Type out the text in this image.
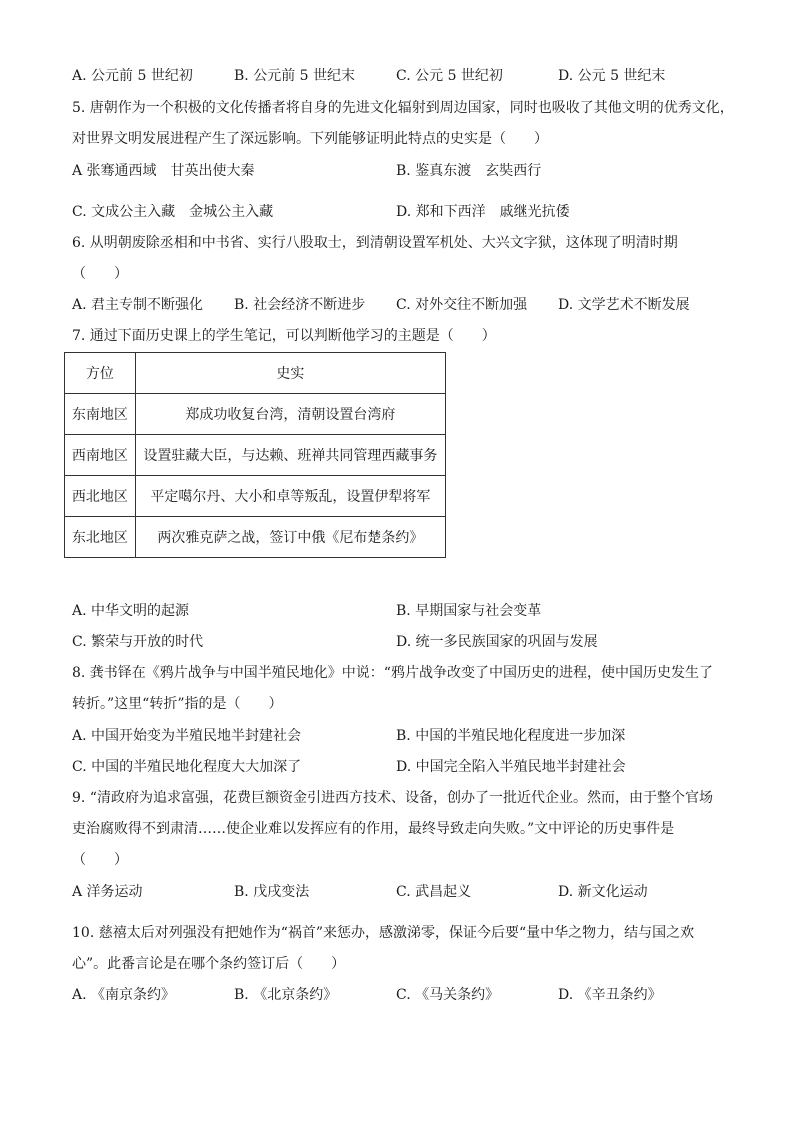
A. 公元前 5 世纪初	B. 公元前 5 世纪末	C. 公元 5 世纪初	D. 公元 5 世纪末
5. 唐朝作为一个积极的文化传播者将自身的先进文化辐射到周边国家，同时也吸收了其他文明的优秀文化，
对世界文明发展进程产生了深远影响。下列能够证明此特点的史实是（　　）
A 张骞通西域　甘英出使大秦	B. 鉴真东渡　玄奘西行
C. 文成公主入藏　金城公主入藏	D. 郑和下西洋　戚继光抗倭
6. 从明朝废除丞相和中书省、实行八股取士，到清朝设置军机处、大兴文字狱，这体现了明清时期
（　　）
A. 君主专制不断强化 B. 社会经济不断进步 C. 对外交往不断加强 D. 文学艺术不断发展
7. 通过下面历史课上的学生笔记，可以判断他学习的主题是（　　）
方位	史实
东南地区	郑成功收复台湾，清朝设置台湾府
西南地区	设置驻藏大臣，与达赖、班禅共同管理西藏事务
西北地区	平定噶尔丹、大小和卓等叛乱，设置伊犁将军
东北地区	两次雅克萨之战，签订中俄《尼布楚条约》
A. 中华文明的起源	B. 早期国家与社会变革
C. 繁荣与开放的时代	D. 统一多民族国家的巩固与发展
8. 龚书铎在《鸦片战争与中国半殖民地化》中说：“鸦片战争改变了中国历史的进程，使中国历史发生了
转折。”这里“转折”指的是（　　）
A. 中国开始变为半殖民地半封建社会	B. 中国的半殖民地化程度进一步加深
C. 中国的半殖民地化程度大大加深了	D. 中国完全陷入半殖民地半封建社会
9. “清政府为追求富强，花费巨额资金引进西方技术、设备，创办了一批近代企业。然而，由于整个官场
吏治腐败得不到肃清……使企业难以发挥应有的作用，最终导致走向失败。”文中评论的历史事件是
（　　）
A 洋务运动	B. 戊戌变法	C. 武昌起义	D. 新文化运动
10. 慈禧太后对列强没有把她作为“祸首”来惩办，感激涕零，保证今后要“量中华之物力，结与国之欢
心”。此番言论是在哪个条约签订后（　　）
A. 《南京条约》	B. 《北京条约》	C. 《马关条约》	D. 《辛丑条约》
